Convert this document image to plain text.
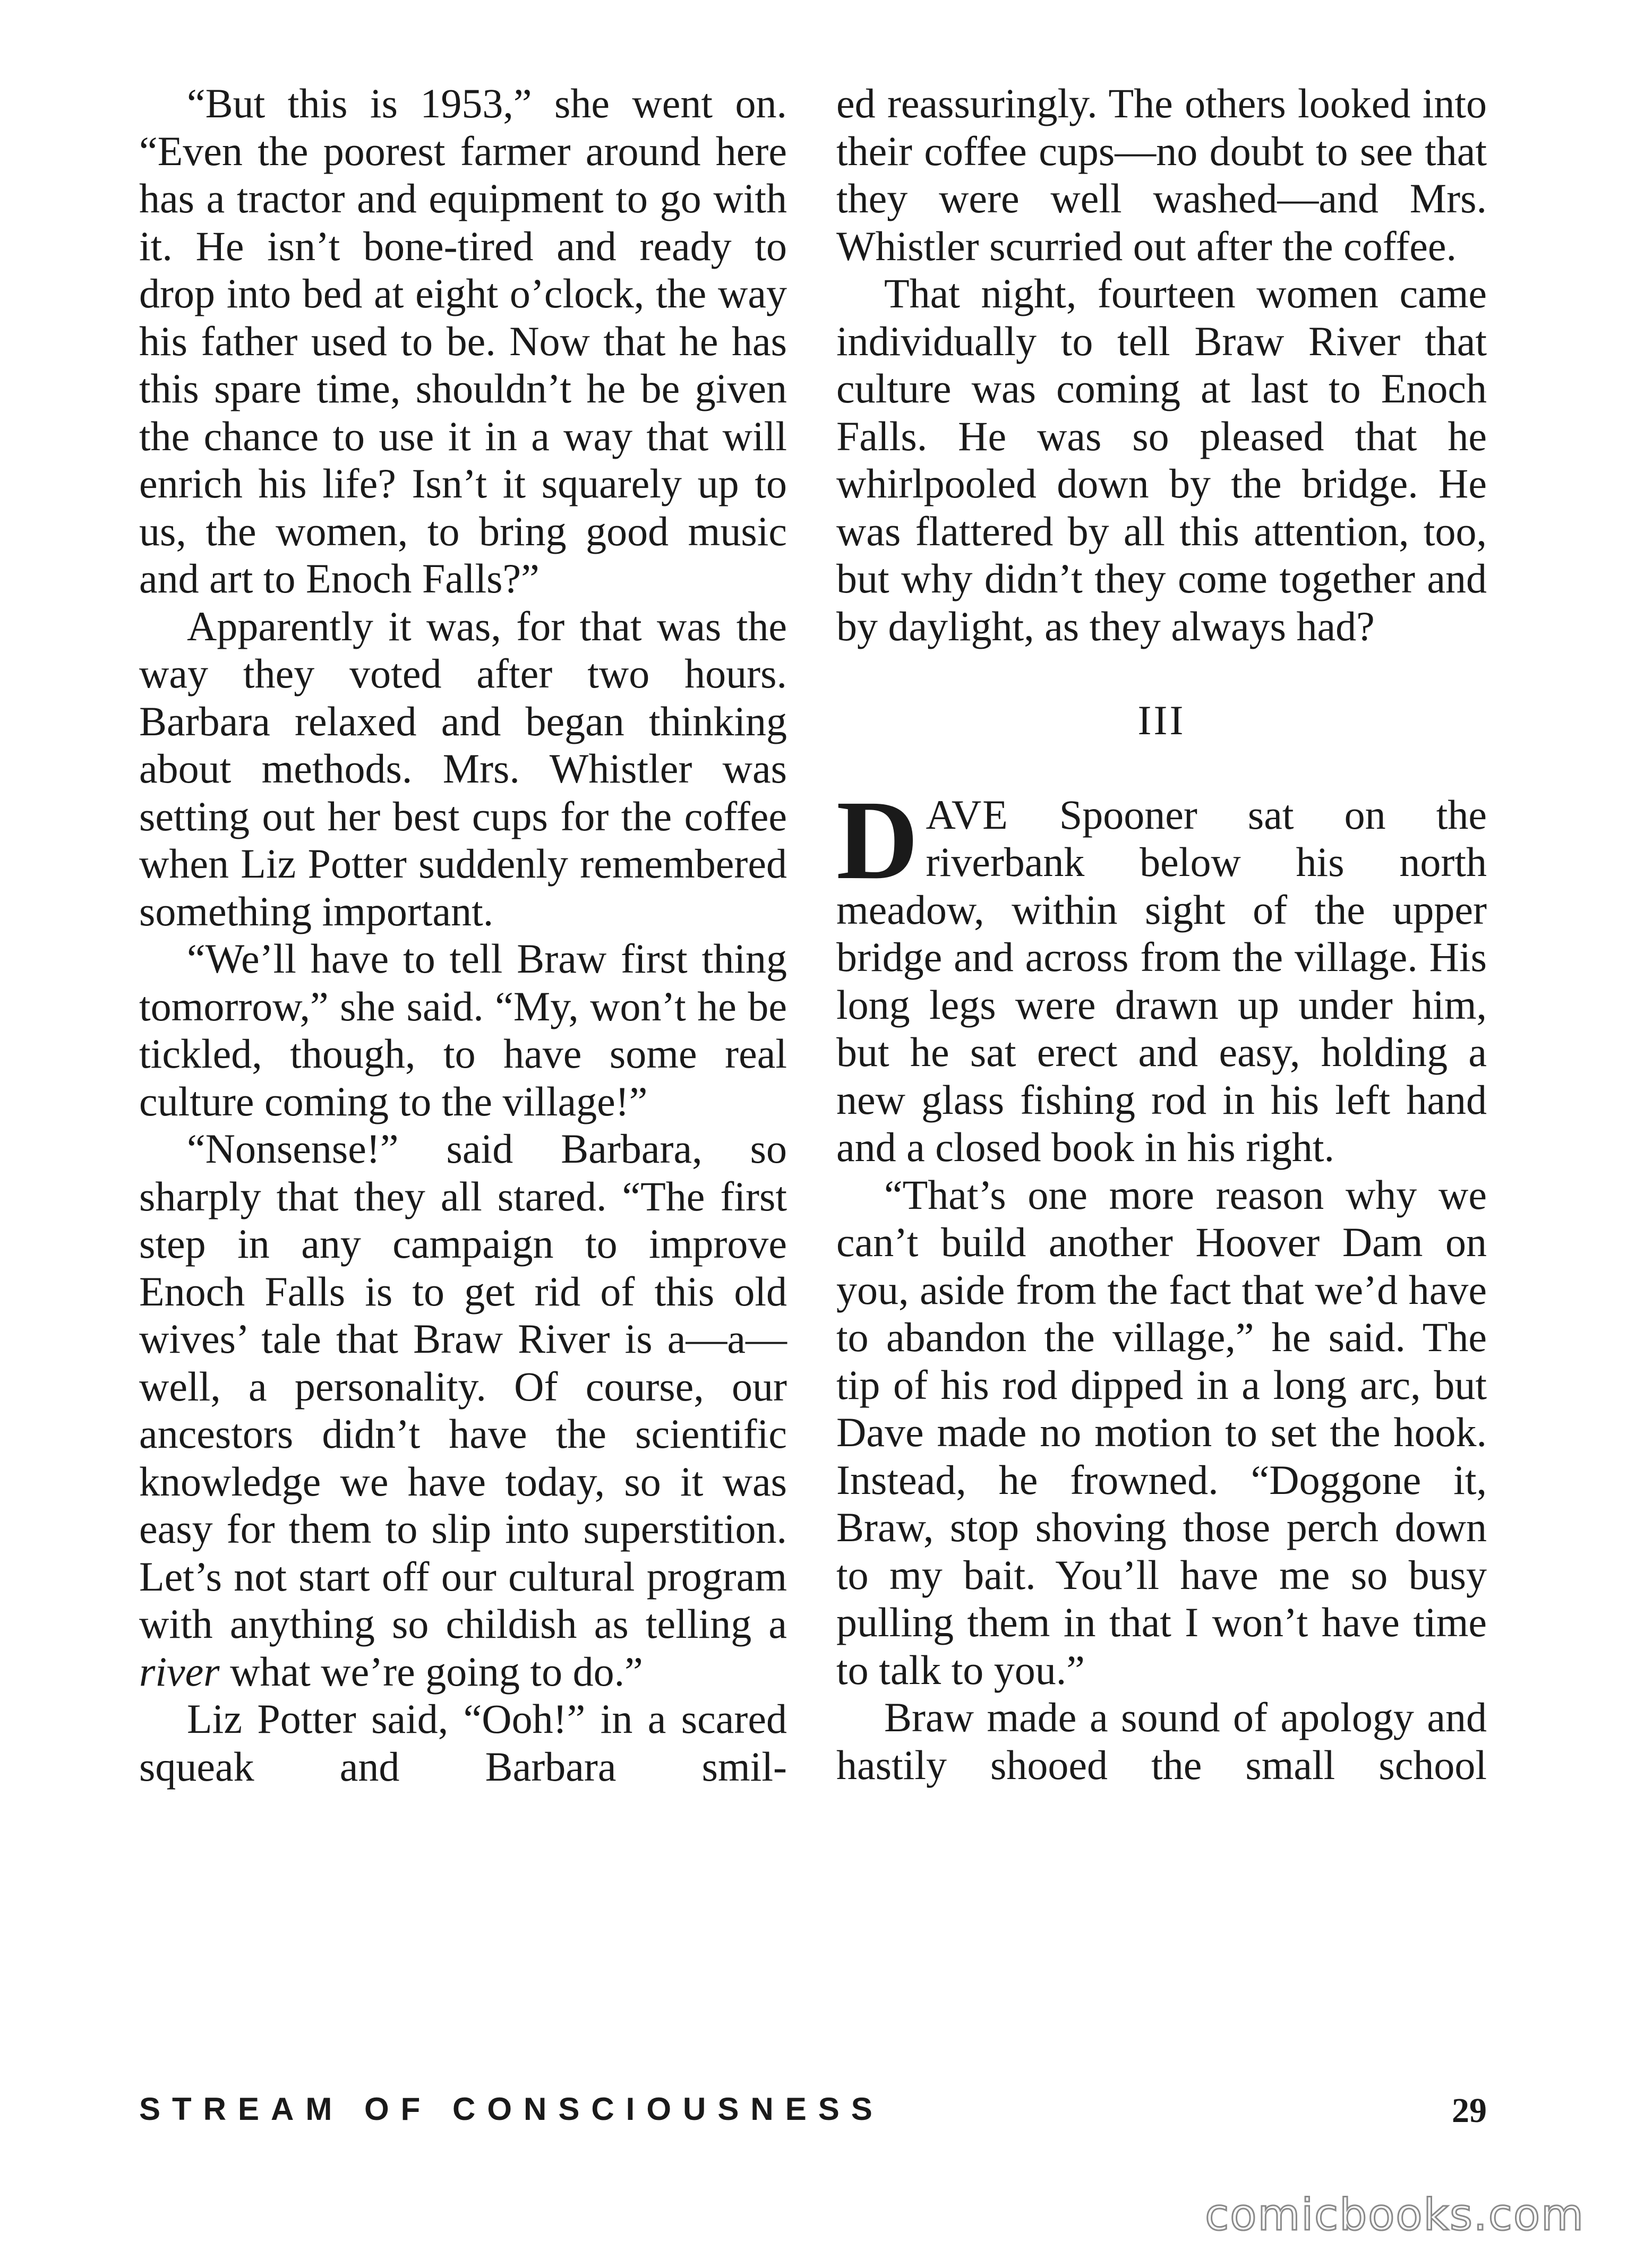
“But this is 1953,” she went on. “Even the poorest farmer around here has a tractor and equipment to go with it. He isn’t bone-tired and ready to drop into bed at eight o’clock, the way his father used to be. Now that he has this spare time, shouldn’t he be given the chance to use it in a way that will enrich his life? Isn’t it squarely up to us, the women, to bring good music and art to Enoch Falls?”

Apparently it was, for that was the way they voted after two hours. Barbara relaxed and began thinking about methods. Mrs. Whistler was setting out her best cups for the coffee when Liz Potter suddenly remembered something important.

“We’ll have to tell Braw first thing tomorrow,” she said. “My, won’t he be tickled, though, to have some real culture coming to the village!”

“Nonsense!” said Barbara, so sharply that they all stared. “The first step in any campaign to improve Enoch Falls is to get rid of this old wives’ tale that Braw River is a—a—well, a personality. Of course, our ancestors didn’t have the scientific knowledge we have today, so it was easy for them to slip into superstition. Let’s not start off our cultural program with anything so childish as telling a river what we’re going to do.”

Liz Potter said, “Ooh!” in a scared squeak and Barbara smil-

ed reassuringly. The others looked into their coffee cups—no doubt to see that they were well washed—and Mrs. Whistler scurried out after the coffee.

That night, fourteen women came individually to tell Braw River that culture was coming at last to Enoch Falls. He was so pleased that he whirlpooled down by the bridge. He was flattered by all this attention, too, but why didn’t they come together and by daylight, as they always had?

III

DAVE Spooner sat on the riverbank below his north meadow, within sight of the upper bridge and across from the village. His long legs were drawn up under him, but he sat erect and easy, holding a new glass fishing rod in his left hand and a closed book in his right.

“That’s one more reason why we can’t build another Hoover Dam on you, aside from the fact that we’d have to abandon the village,” he said. The tip of his rod dipped in a long arc, but Dave made no motion to set the hook. Instead, he frowned. “Doggone it, Braw, stop shoving those perch down to my bait. You’ll have me so busy pulling them in that I won’t have time to talk to you.”

Braw made a sound of apology and hastily shooed the small school

STREAM OF CONSCIOUSNESS	29
comicbooks.com
